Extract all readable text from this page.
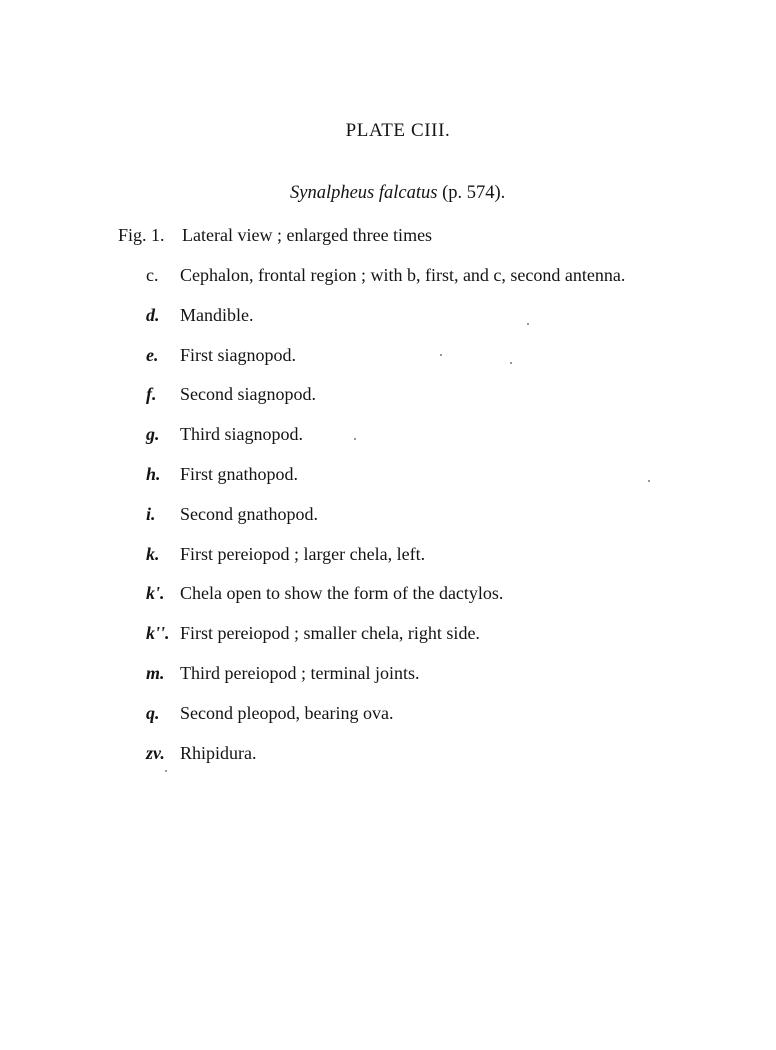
PLATE CIII.
Synalpheus falcatus (p. 574).
Fig. 1. Lateral view ; enlarged three times
c.	Cephalon, frontal region ; with b, first, and c, second antenna.
d.	Mandible.
e.	First siagnopod.
f.	Second siagnopod.
g.	Third siagnopod.
h.	First gnathopod.
i.	Second gnathopod.
k.	First pereiopod ; larger chela, left.
k'. Chela open to show the form of the dactylos.
k''. First pereiopod ; smaller chela, right side.
m. Third pereiopod ; terminal joints.
q.	Second pleopod, bearing ova.
zv. Rhipidura.
